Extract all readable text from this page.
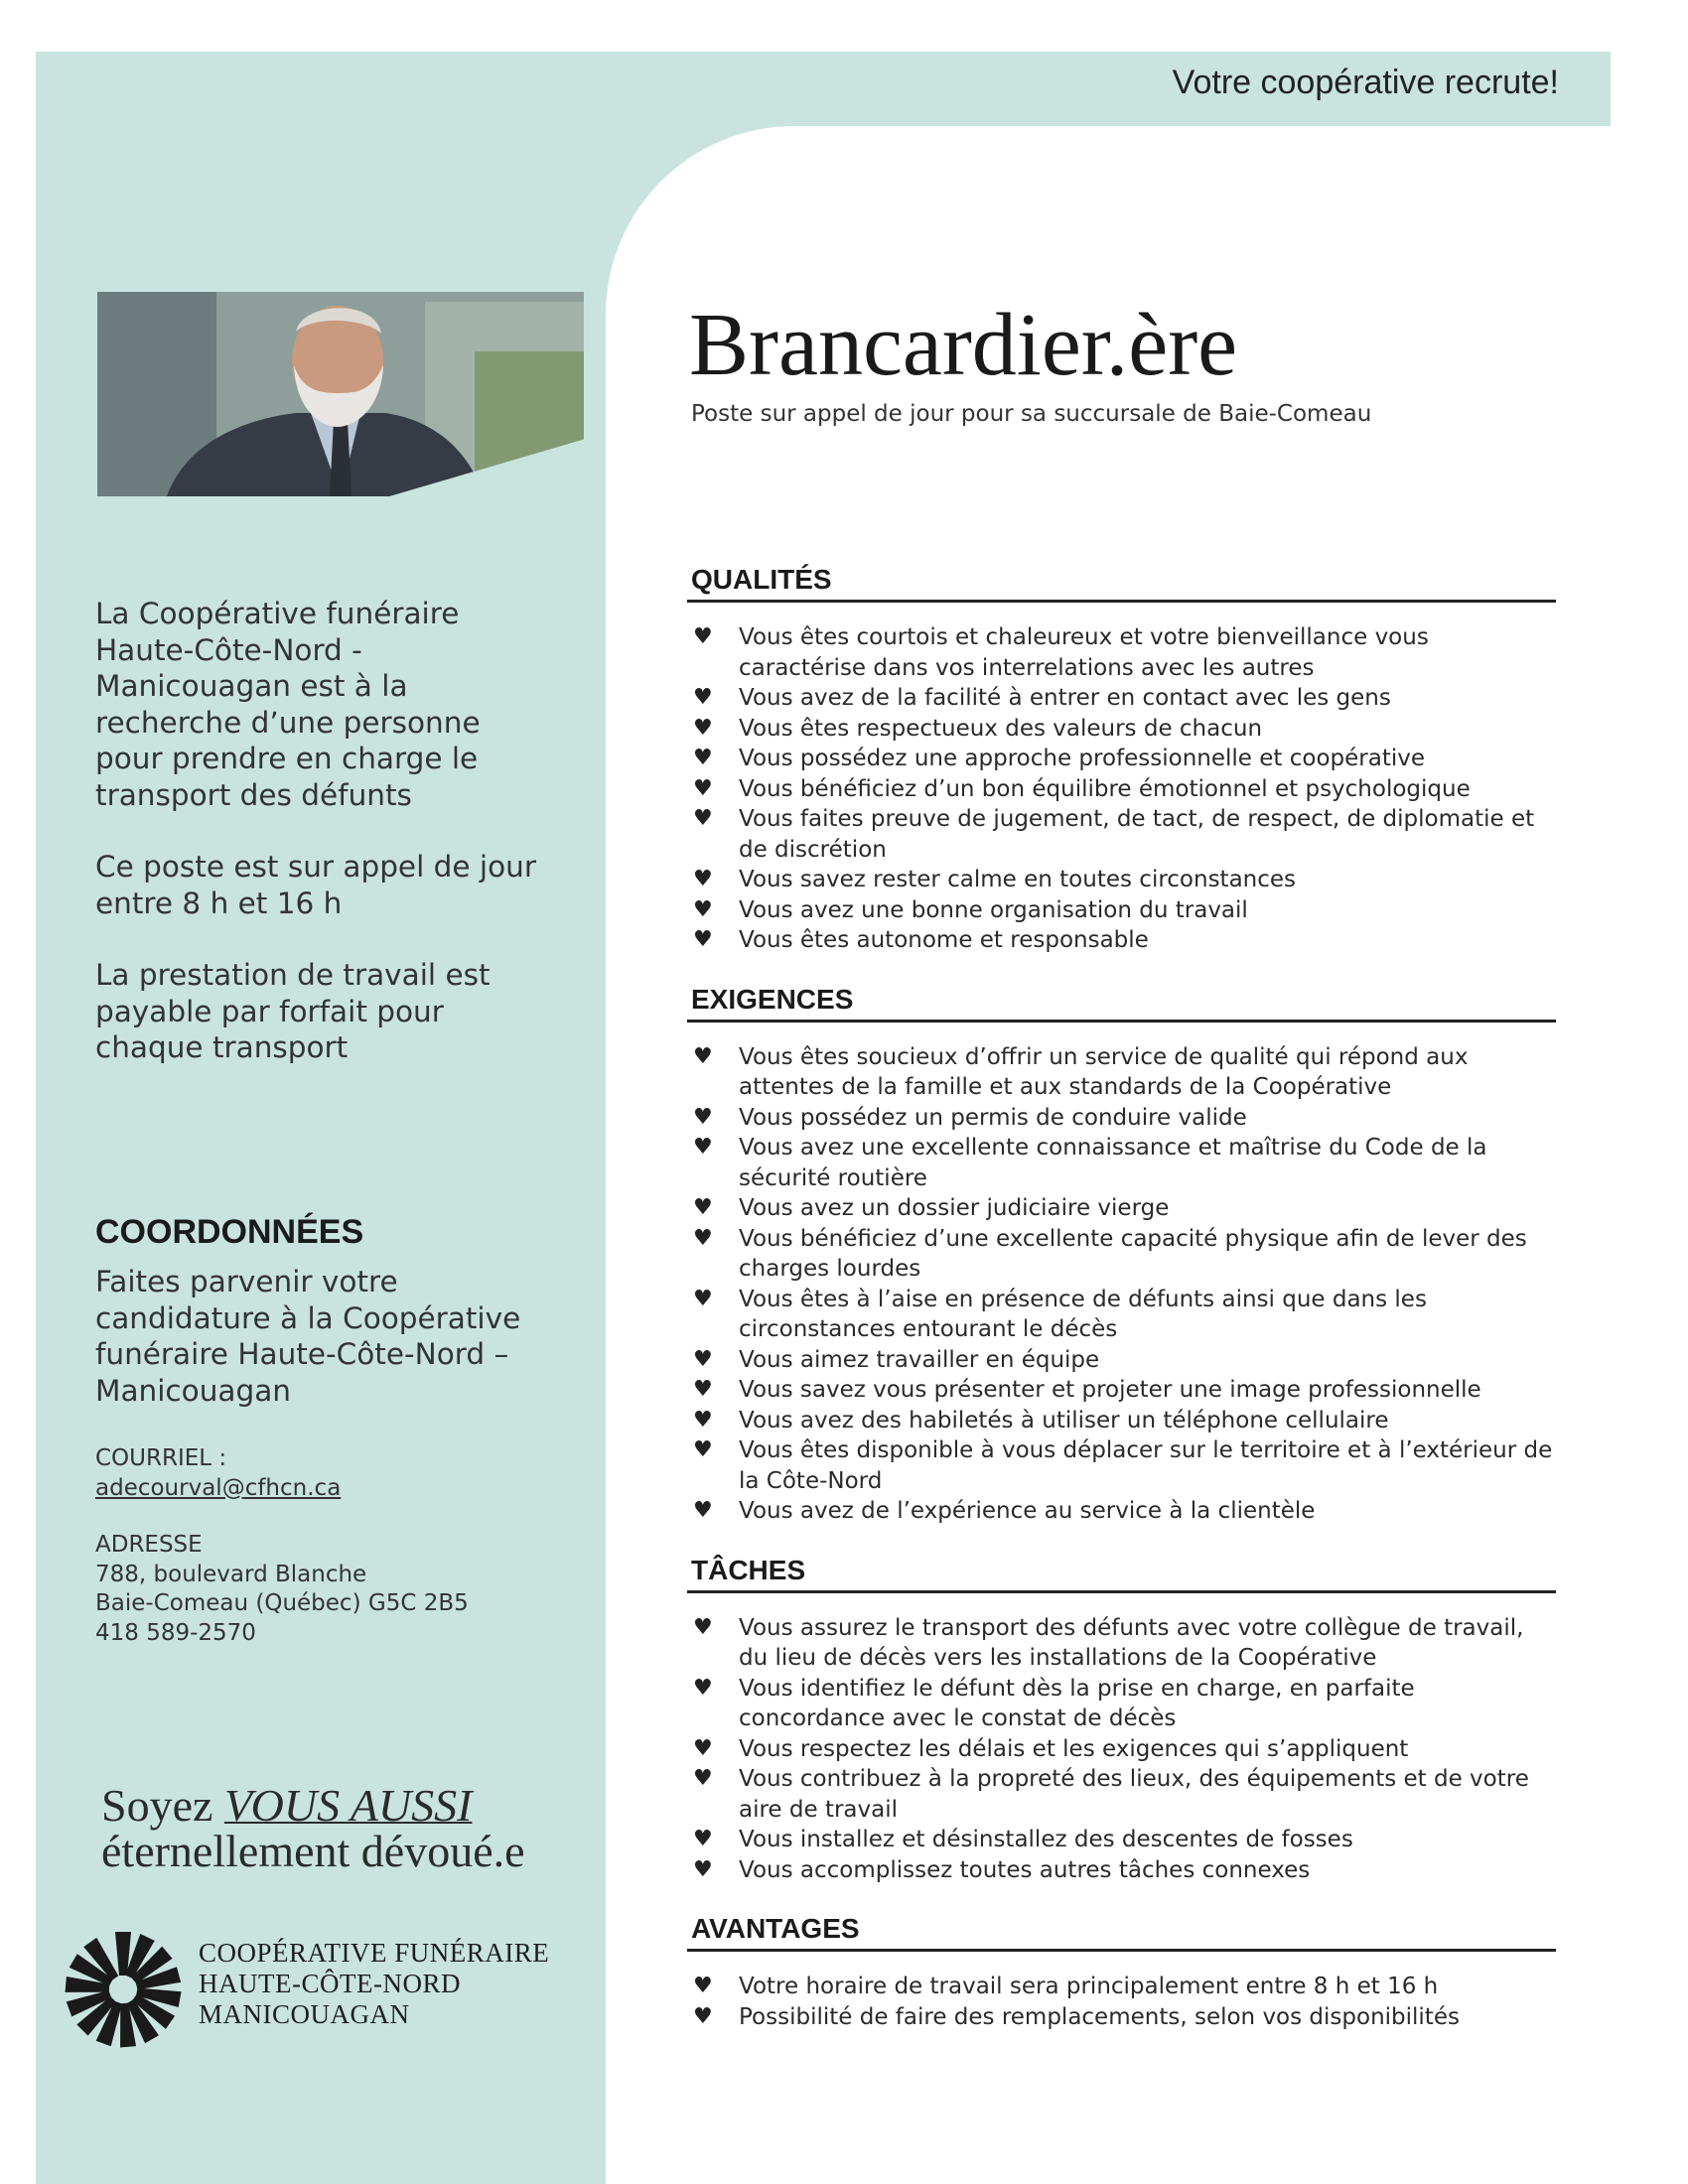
Votre coopérative recrute!

La Coopérative funéraire Haute-Côte-Nord - Manicouagan est à la recherche d’une personne pour prendre en charge le transport des défunts

Ce poste est sur appel de jour entre 8 h et 16 h

La prestation de travail est payable par forfait pour chaque transport

COORDONNÉES
Faites parvenir votre candidature à la Coopérative funéraire Haute-Côte-Nord – Manicouagan
COURRIEL :
adecourval@cfhcn.ca
ADRESSE
788, boulevard Blanche
Baie-Comeau (Québec) G5C 2B5
418 589-2570
Soyez VOUS AUSSI
éternellement dévoué.e
COOPÉRATIVE FUNÉRAIRE
HAUTE-CÔTE-NORD
MANICOUAGAN
Brancardier.ère
Poste sur appel de jour pour sa succursale de Baie-Comeau
QUALITÉS
♥ Vous êtes courtois et chaleureux et votre bienveillance vous caractérise dans vos interrelations avec les autres
♥ Vous avez de la facilité à entrer en contact avec les gens
♥ Vous êtes respectueux des valeurs de chacun
♥ Vous possédez une approche professionnelle et coopérative
♥ Vous bénéficiez d’un bon équilibre émotionnel et psychologique
♥ Vous faites preuve de jugement, de tact, de respect, de diplomatie et de discrétion
♥ Vous savez rester calme en toutes circonstances
♥ Vous avez une bonne organisation du travail
♥ Vous êtes autonome et responsable
EXIGENCES
♥ Vous êtes soucieux d’offrir un service de qualité qui répond aux attentes de la famille et aux standards de la Coopérative
♥ Vous possédez un permis de conduire valide
♥ Vous avez une excellente connaissance et maîtrise du Code de la sécurité routière
♥ Vous avez un dossier judiciaire vierge
♥ Vous bénéficiez d’une excellente capacité physique afin de lever des charges lourdes
♥ Vous êtes à l’aise en présence de défunts ainsi que dans les circonstances entourant le décès
♥ Vous aimez travailler en équipe
♥ Vous savez vous présenter et projeter une image professionnelle
♥ Vous avez des habiletés à utiliser un téléphone cellulaire
♥ Vous êtes disponible à vous déplacer sur le territoire et à l’extérieur de la Côte-Nord
♥ Vous avez de l’expérience au service à la clientèle
TÂCHES
♥ Vous assurez le transport des défunts avec votre collègue de travail, du lieu de décès vers les installations de la Coopérative
♥ Vous identifiez le défunt dès la prise en charge, en parfaite concordance avec le constat de décès
♥ Vous respectez les délais et les exigences qui s’appliquent
♥ Vous contribuez à la propreté des lieux, des équipements et de votre aire de travail
♥ Vous installez et désinstallez des descentes de fosses
♥ Vous accomplissez toutes autres tâches connexes
AVANTAGES
♥ Votre horaire de travail sera principalement entre 8 h et 16 h
♥ Possibilité de faire des remplacements, selon vos disponibilités
